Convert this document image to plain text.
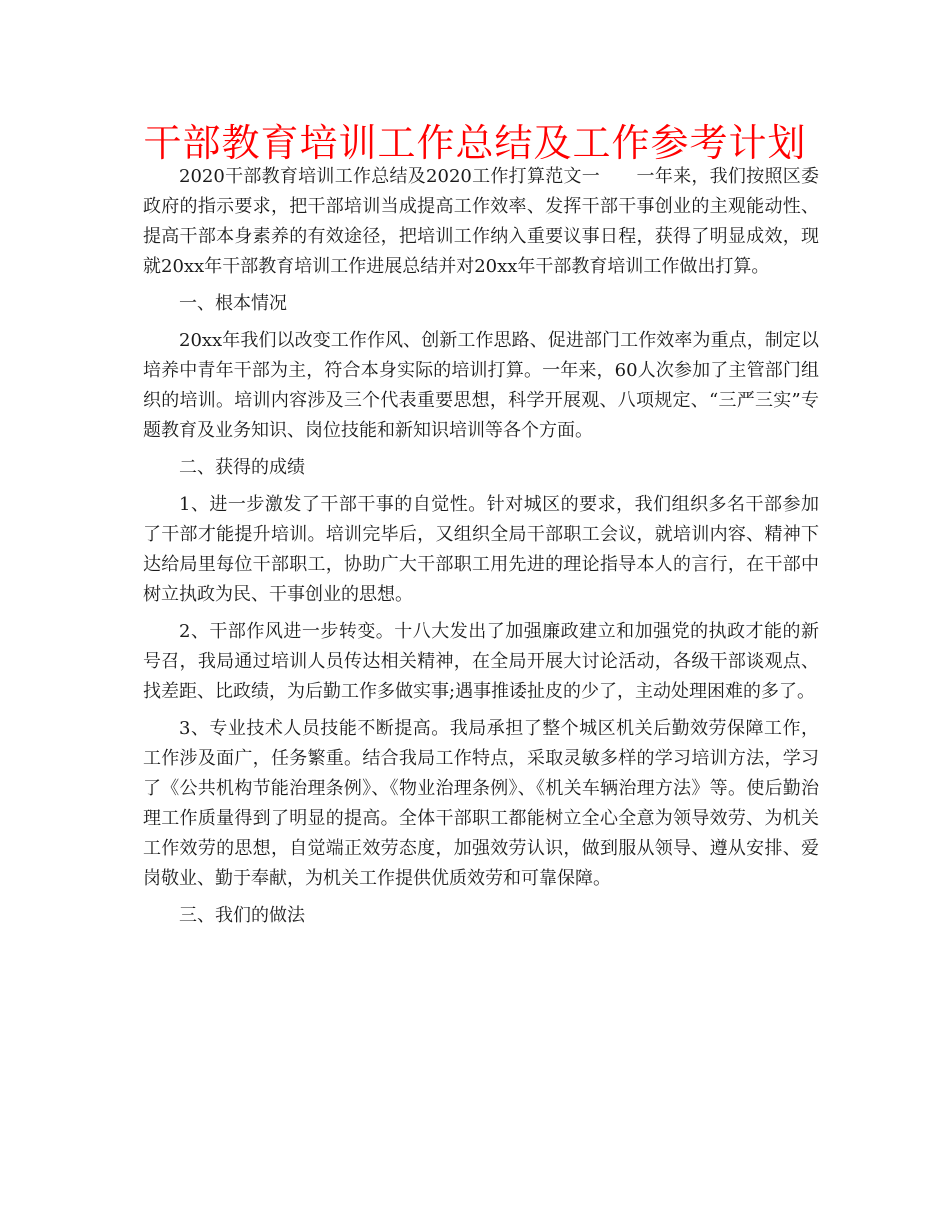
干部教育培训工作总结及工作参考计划

2020干部教育培训工作总结及2020工作打算范文一　　一年来，我们按照区委政府的指示要求，把干部培训当成提高工作效率、发挥干部干事创业的主观能动性、提高干部本身素养的有效途径，把培训工作纳入重要议事日程，获得了明显成效，现就20xx年干部教育培训工作进展总结并对20xx年干部教育培训工作做出打算。

一、根本情况

20xx年我们以改变工作作风、创新工作思路、促进部门工作效率为重点，制定以培养中青年干部为主，符合本身实际的培训打算。一年来，60人次参加了主管部门组织的培训。培训内容涉及三个代表重要思想，科学开展观、八项规定、“三严三实”专题教育及业务知识、岗位技能和新知识培训等各个方面。

二、获得的成绩

1、进一步激发了干部干事的自觉性。针对城区的要求，我们组织多名干部参加了干部才能提升培训。培训完毕后，又组织全局干部职工会议，就培训内容、精神下达给局里每位干部职工，协助广大干部职工用先进的理论指导本人的言行，在干部中树立执政为民、干事创业的思想。

2、干部作风进一步转变。十八大发出了加强廉政建立和加强党的执政才能的新号召，我局通过培训人员传达相关精神，在全局开展大讨论活动，各级干部谈观点、找差距、比政绩，为后勤工作多做实事;遇事推诿扯皮的少了，主动处理困难的多了。

3、专业技术人员技能不断提高。我局承担了整个城区机关后勤效劳保障工作，工作涉及面广，任务繁重。结合我局工作特点，采取灵敏多样的学习培训方法，学习了《公共机构节能治理条例》、《物业治理条例》、《机关车辆治理方法》等。使后勤治理工作质量得到了明显的提高。全体干部职工都能树立全心全意为领导效劳、为机关工作效劳的思想，自觉端正效劳态度，加强效劳认识，做到服从领导、遵从安排、爱岗敬业、勤于奉献，为机关工作提供优质效劳和可靠保障。

三、我们的做法
